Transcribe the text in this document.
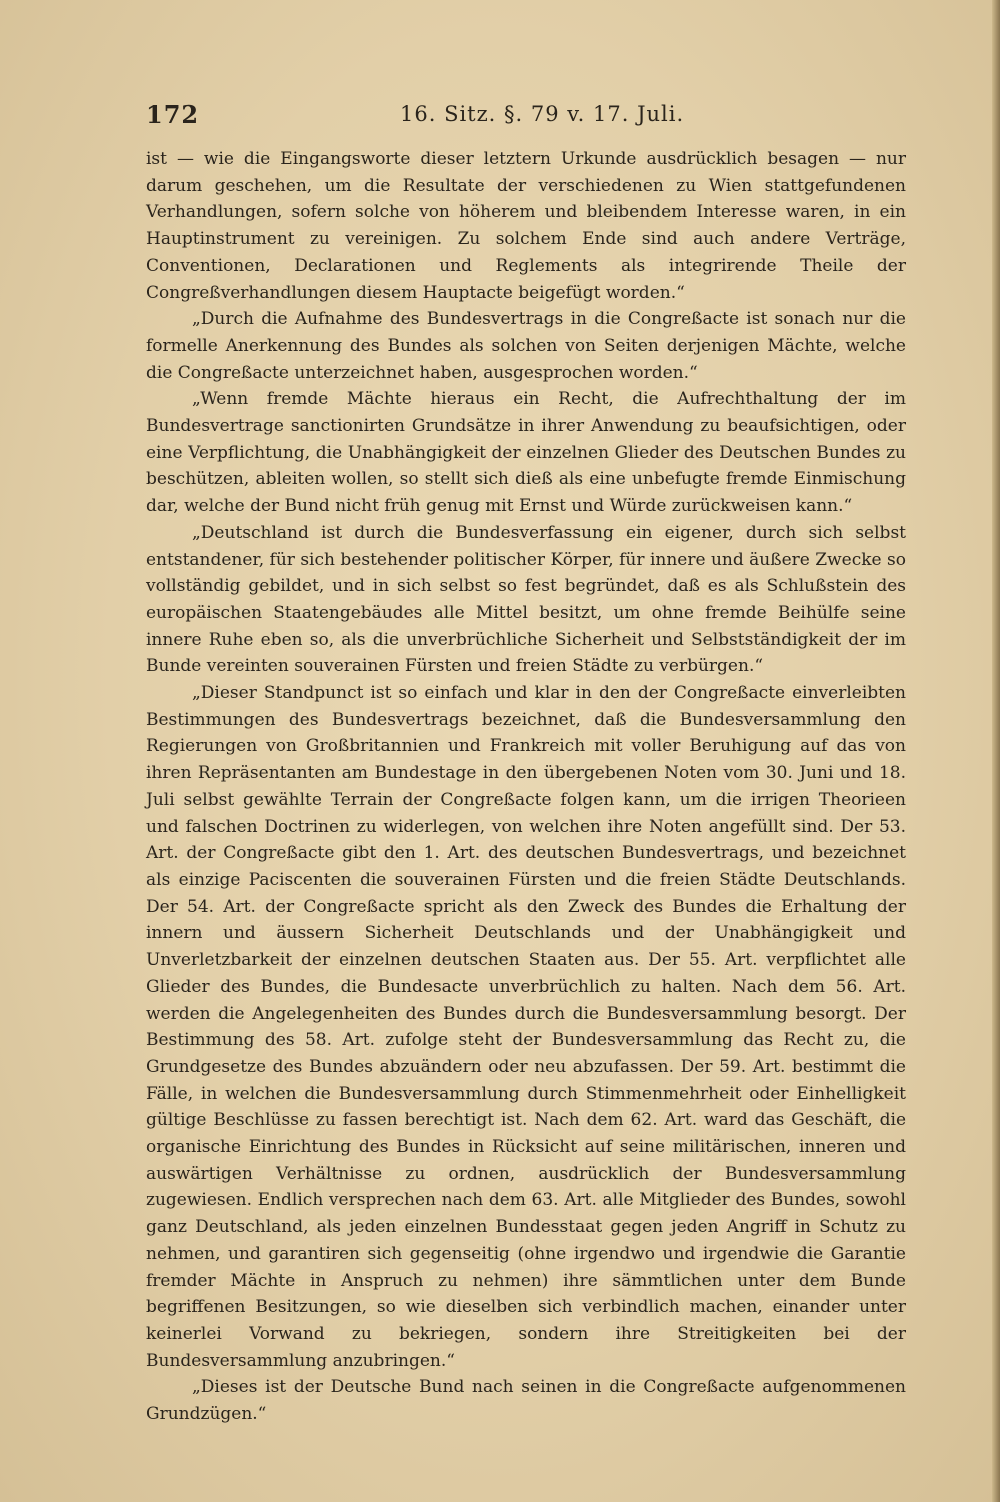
172	16. Sitz. §. 79 v. 17. Juli.

ist — wie die Eingangsworte dieser letztern Urkunde ausdrücklich besagen — nur darum geschehen, um die Resultate der verschiedenen zu Wien stattgefundenen Verhandlungen, sofern solche von höherem und bleibendem Interesse waren, in ein Hauptinstrument zu vereinigen. Zu solchem Ende sind auch andere Verträge, Conventionen, Declarationen und Reglements als integrirende Theile der Congreßverhandlungen diesem Hauptacte beigefügt worden.“

„Durch die Aufnahme des Bundesvertrags in die Congreßacte ist sonach nur die formelle Anerkennung des Bundes als solchen von Seiten derjenigen Mächte, welche die Congreßacte unterzeichnet haben, ausgesprochen worden.“

„Wenn fremde Mächte hieraus ein Recht, die Aufrechthaltung der im Bundesvertrage sanctionirten Grundsätze in ihrer Anwendung zu beaufsichtigen, oder eine Verpflichtung, die Unabhängigkeit der einzelnen Glieder des Deutschen Bundes zu beschützen, ableiten wollen, so stellt sich dieß als eine unbefugte fremde Einmischung dar, welche der Bund nicht früh genug mit Ernst und Würde zurückweisen kann.“

„Deutschland ist durch die Bundesverfassung ein eigener, durch sich selbst entstandener, für sich bestehender politischer Körper, für innere und äußere Zwecke so vollständig gebildet, und in sich selbst so fest begründet, daß es als Schlußstein des europäischen Staatengebäudes alle Mittel besitzt, um ohne fremde Beihülfe seine innere Ruhe eben so, als die unverbrüchliche Sicherheit und Selbstständigkeit der im Bunde vereinten souverainen Fürsten und freien Städte zu verbürgen.“

„Dieser Standpunct ist so einfach und klar in den der Congreßacte einverleibten Bestimmungen des Bundesvertrags bezeichnet, daß die Bundesversammlung den Regierungen von Großbritannien und Frankreich mit voller Beruhigung auf das von ihren Repräsentanten am Bundestage in den übergebenen Noten vom 30. Juni und 18. Juli selbst gewählte Terrain der Congreßacte folgen kann, um die irrigen Theorieen und falschen Doctrinen zu widerlegen, von welchen ihre Noten angefüllt sind. Der 53. Art. der Congreßacte gibt den 1. Art. des deutschen Bundesvertrags, und bezeichnet als einzige Paciscenten die souverainen Fürsten und die freien Städte Deutschlands. Der 54. Art. der Congreßacte spricht als den Zweck des Bundes die Erhaltung der innern und äussern Sicherheit Deutschlands und der Unabhängigkeit und Unverletzbarkeit der einzelnen deutschen Staaten aus. Der 55. Art. verpflichtet alle Glieder des Bundes, die Bundesacte unverbrüchlich zu halten. Nach dem 56. Art. werden die Angelegenheiten des Bundes durch die Bundesversammlung besorgt. Der Bestimmung des 58. Art. zufolge steht der Bundesversammlung das Recht zu, die Grundgesetze des Bundes abzuändern oder neu abzufassen. Der 59. Art. bestimmt die Fälle, in welchen die Bundesversammlung durch Stimmenmehrheit oder Einhelligkeit gültige Beschlüsse zu fassen berechtigt ist. Nach dem 62. Art. ward das Geschäft, die organische Einrichtung des Bundes in Rücksicht auf seine militärischen, inneren und auswärtigen Verhältnisse zu ordnen, ausdrücklich der Bundesversammlung zugewiesen. Endlich versprechen nach dem 63. Art. alle Mitglieder des Bundes, sowohl ganz Deutschland, als jeden einzelnen Bundesstaat gegen jeden Angriff in Schutz zu nehmen, und garantiren sich gegenseitig (ohne irgendwo und irgendwie die Garantie fremder Mächte in Anspruch zu nehmen) ihre sämmtlichen unter dem Bunde begriffenen Besitzungen, so wie dieselben sich verbindlich machen, einander unter keinerlei Vorwand zu bekriegen, sondern ihre Streitigkeiten bei der Bundesversammlung anzubringen.“

„Dieses ist der Deutsche Bund nach seinen in die Congreßacte aufgenommenen Grundzügen.“
